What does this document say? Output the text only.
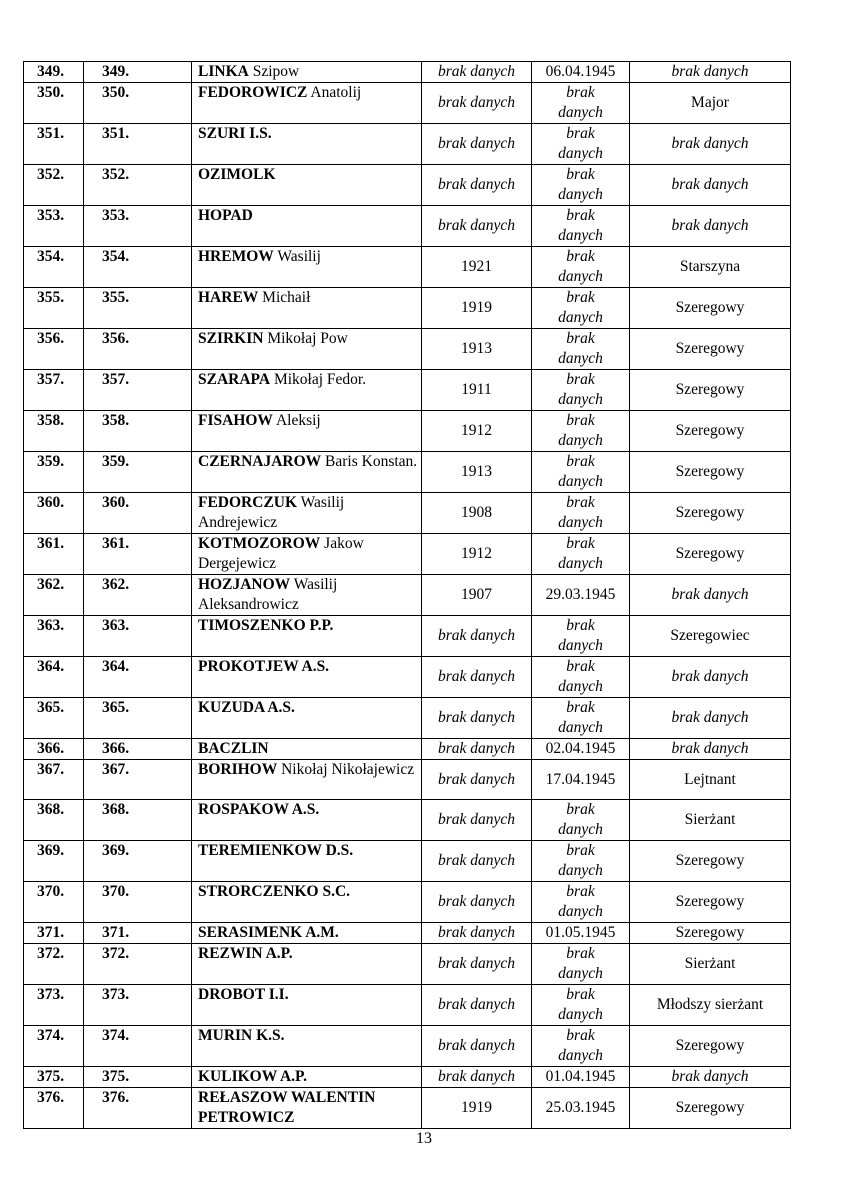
349.	349.	LINKA Szipow	brak danych	06.04.1945	brak danych
350.	350.	FEDOROWICZ Anatolij	brak danych	brak danych	Major
351.	351.	SZURI I.S.	brak danych	brak danych	brak danych
352.	352.	OZIMOLK	brak danych	brak danych	brak danych
353.	353.	HOPAD	brak danych	brak danych	brak danych
354.	354.	HREMOW Wasilij	1921	brak danych	Starszyna
355.	355.	HAREW Michaił	1919	brak danych	Szeregowy
356.	356.	SZIRKIN Mikołaj Pow	1913	brak danych	Szeregowy
357.	357.	SZARAPA Mikołaj Fedor.	1911	brak danych	Szeregowy
358.	358.	FISAHOW Aleksij	1912	brak danych	Szeregowy
359.	359.	CZERNAJAROW Baris Konstan.	1913	brak danych	Szeregowy
360.	360.	FEDORCZUK Wasilij Andrejewicz	1908	brak danych	Szeregowy
361.	361.	KOTMOZOROW Jakow Dergejewicz	1912	brak danych	Szeregowy
362.	362.	HOZJANOW Wasilij Aleksandrowicz	1907	29.03.1945	brak danych
363.	363.	TIMOSZENKO P.P.	brak danych	brak danych	Szeregowiec
364.	364.	PROKOTJEW A.S.	brak danych	brak danych	brak danych
365.	365.	KUZUDA A.S.	brak danych	brak danych	brak danych
366.	366.	BACZLIN	brak danych	02.04.1945	brak danych
367.	367.	BORIHOW Nikołaj Nikołajewicz	brak danych	17.04.1945	Lejtnant
368.	368.	ROSPAKOW A.S.	brak danych	brak danych	Sierżant
369.	369.	TEREMIENKOW D.S.	brak danych	brak danych	Szeregowy
370.	370.	STRORCZENKO S.C.	brak danych	brak danych	Szeregowy
371.	371.	SERASIMENK A.M.	brak danych	01.05.1945	Szeregowy
372.	372.	REZWIN A.P.	brak danych	brak danych	Sierżant
373.	373.	DROBOT I.I.	brak danych	brak danych	Młodszy sierżant
374.	374.	MURIN K.S.	brak danych	brak danych	Szeregowy
375.	375.	KULIKOW A.P.	brak danych	01.04.1945	brak danych
376.	376.	REŁASZOW WALENTIN PETROWICZ	1919	25.03.1945	Szeregowy
13
